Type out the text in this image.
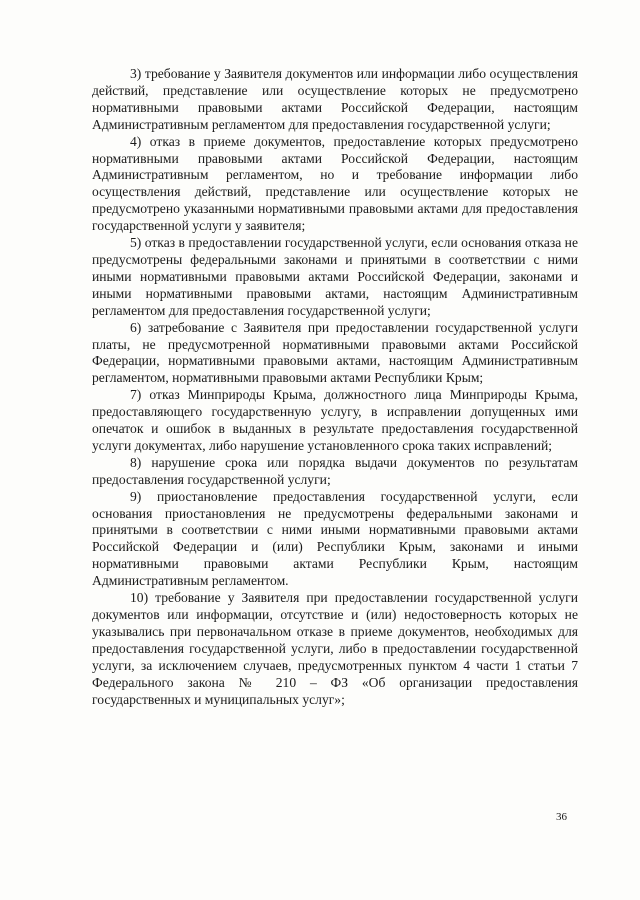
3) требование у Заявителя документов или информации либо осуществления действий, представление или осуществление которых не предусмотрено нормативными правовыми актами Российской Федерации, настоящим Административным регламентом для предоставления государственной услуги;

4) отказ в приеме документов, предоставление которых предусмотрено нормативными правовыми актами Российской Федерации, настоящим Административным регламентом, но и требование информации либо осуществления действий, представление или осуществление которых не предусмотрено указанными нормативными правовыми актами для предоставления государственной услуги у заявителя;

5) отказ в предоставлении государственной услуги, если основания отказа не предусмотрены федеральными законами и принятыми в соответствии с ними иными нормативными правовыми актами Российской Федерации, законами и иными нормативными правовыми актами, настоящим Административным регламентом для предоставления государственной услуги;

6) затребование с Заявителя при предоставлении государственной услуги платы, не предусмотренной нормативными правовыми актами Российской Федерации, нормативными правовыми актами, настоящим Административным регламентом, нормативными правовыми актами Республики Крым;

7) отказ Минприроды Крыма, должностного лица Минприроды Крыма, предоставляющего государственную услугу, в исправлении допущенных ими опечаток и ошибок в выданных в результате предоставления государственной услуги документах, либо нарушение установленного срока таких исправлений;

8) нарушение срока или порядка выдачи документов по результатам предоставления государственной услуги;

9) приостановление предоставления государственной услуги, если основания приостановления не предусмотрены федеральными законами и принятыми в соответствии с ними иными нормативными правовыми актами Российской Федерации и (или) Республики Крым, законами и иными нормативными правовыми актами Республики Крым, настоящим Административным регламентом.

10) требование у Заявителя при предоставлении государственной услуги документов или информации, отсутствие и (или) недостоверность которых не указывались при первоначальном отказе в приеме документов, необходимых для предоставления государственной услуги, либо в предоставлении государственной услуги, за исключением случаев, предусмотренных пунктом 4 части 1 статьи 7 Федерального закона № 210 – ФЗ «Об организации предоставления государственных и муниципальных услуг»;

36
